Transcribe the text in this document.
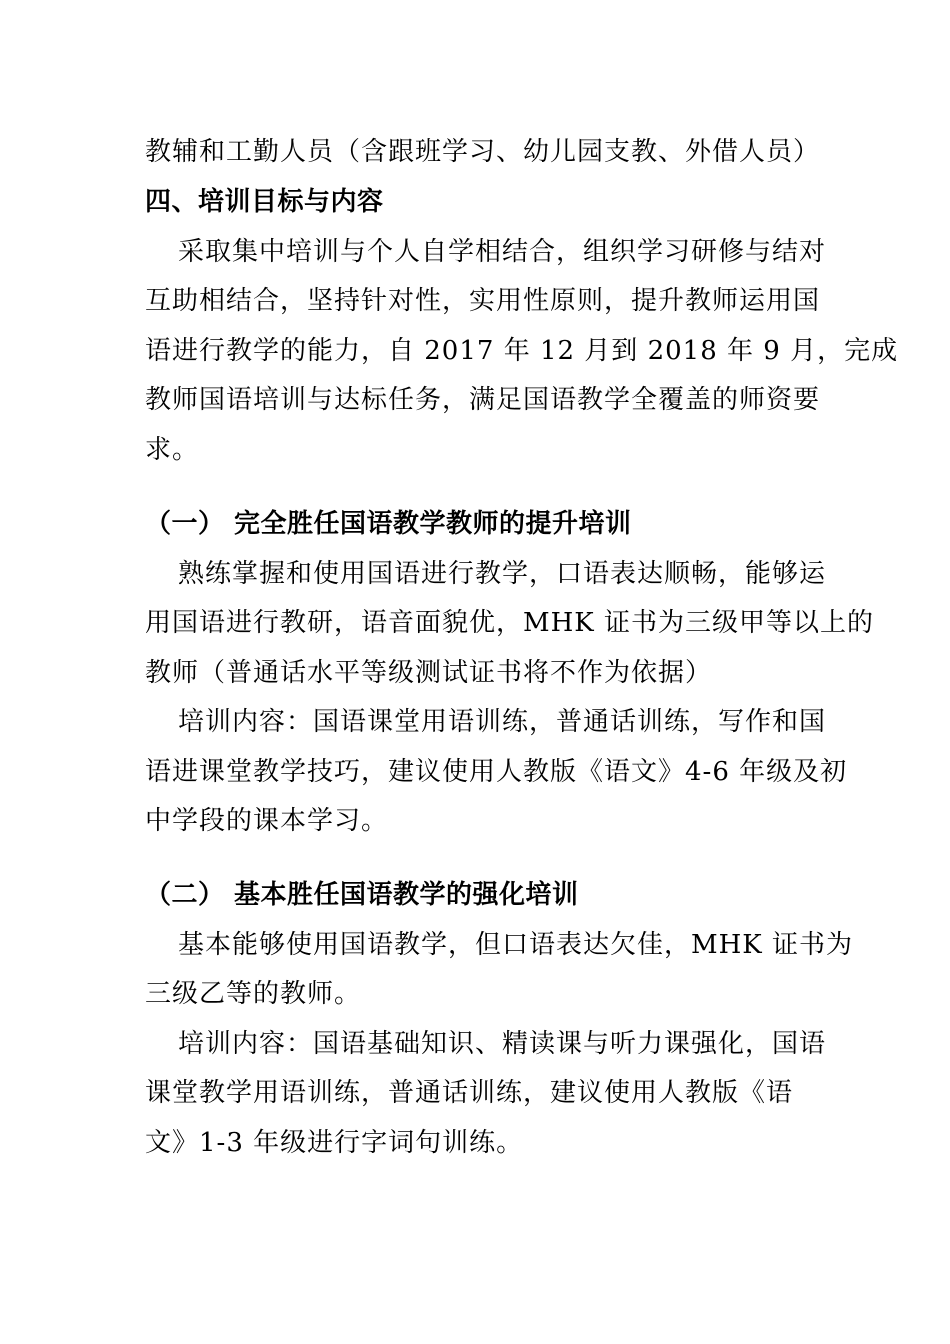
教辅和工勤人员（含跟班学习、幼儿园支教、外借人员）
四、培训目标与内容
采取集中培训与个人自学相结合，组织学习研修与结对
互助相结合，坚持针对性，实用性原则，提升教师运用国
语进行教学的能力，自 2017 年 12 月到 2018 年 9 月，完成
教师国语培训与达标任务，满足国语教学全覆盖的师资要
求。
（一） 完全胜任国语教学教师的提升培训
熟练掌握和使用国语进行教学，口语表达顺畅，能够运
用国语进行教研，语音面貌优，MHK 证书为三级甲等以上的
教师（普通话水平等级测试证书将不作为依据）
培训内容：国语课堂用语训练，普通话训练，写作和国
语进课堂教学技巧，建议使用人教版《语文》4-6 年级及初
中学段的课本学习。
（二） 基本胜任国语教学的强化培训
基本能够使用国语教学，但口语表达欠佳，MHK 证书为
三级乙等的教师。
培训内容：国语基础知识、精读课与听力课强化，国语
课堂教学用语训练，普通话训练，建议使用人教版《语
文》1-3 年级进行字词句训练。
